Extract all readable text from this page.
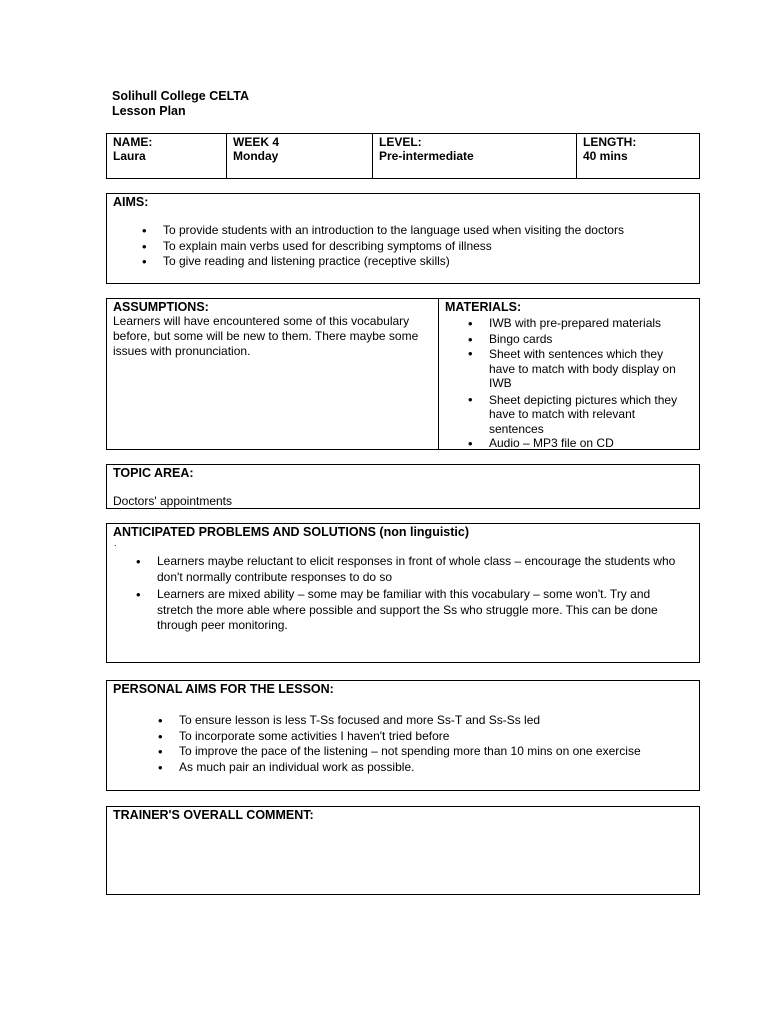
Solihull College CELTA
Lesson Plan
NAME:
Laura
WEEK 4
Monday
LEVEL:
Pre-intermediate
LENGTH:
40 mins
AIMS:
• To provide students with an introduction to the language used when visiting the doctors
• To explain main verbs used for describing symptoms of illness
• To give reading and listening practice (receptive skills)
ASSUMPTIONS:
Learners will have encountered some of this vocabulary before, but some will be new to them. There maybe some issues with pronunciation.
MATERIALS:
• IWB with pre-prepared materials
• Bingo cards
• Sheet with sentences which they have to match with body display on IWB
• Sheet depicting pictures which they have to match with relevant sentences
• Audio – MP3 file on CD
TOPIC AREA:
Doctors' appointments
ANTICIPATED PROBLEMS AND SOLUTIONS (non linguistic)
.
• Learners maybe reluctant to elicit responses in front of whole class – encourage the students who don't normally contribute responses to do so
• Learners are mixed ability – some may be familiar with this vocabulary – some won't. Try and stretch the more able where possible and support the Ss who struggle more. This can be done through peer monitoring.
PERSONAL AIMS FOR THE LESSON:
• To ensure lesson is less T-Ss focused and more Ss-T and Ss-Ss led
• To incorporate some activities I haven't tried before
• To improve the pace of the listening – not spending more than 10 mins on one exercise
• As much pair an individual work as possible.
TRAINER'S OVERALL COMMENT:
